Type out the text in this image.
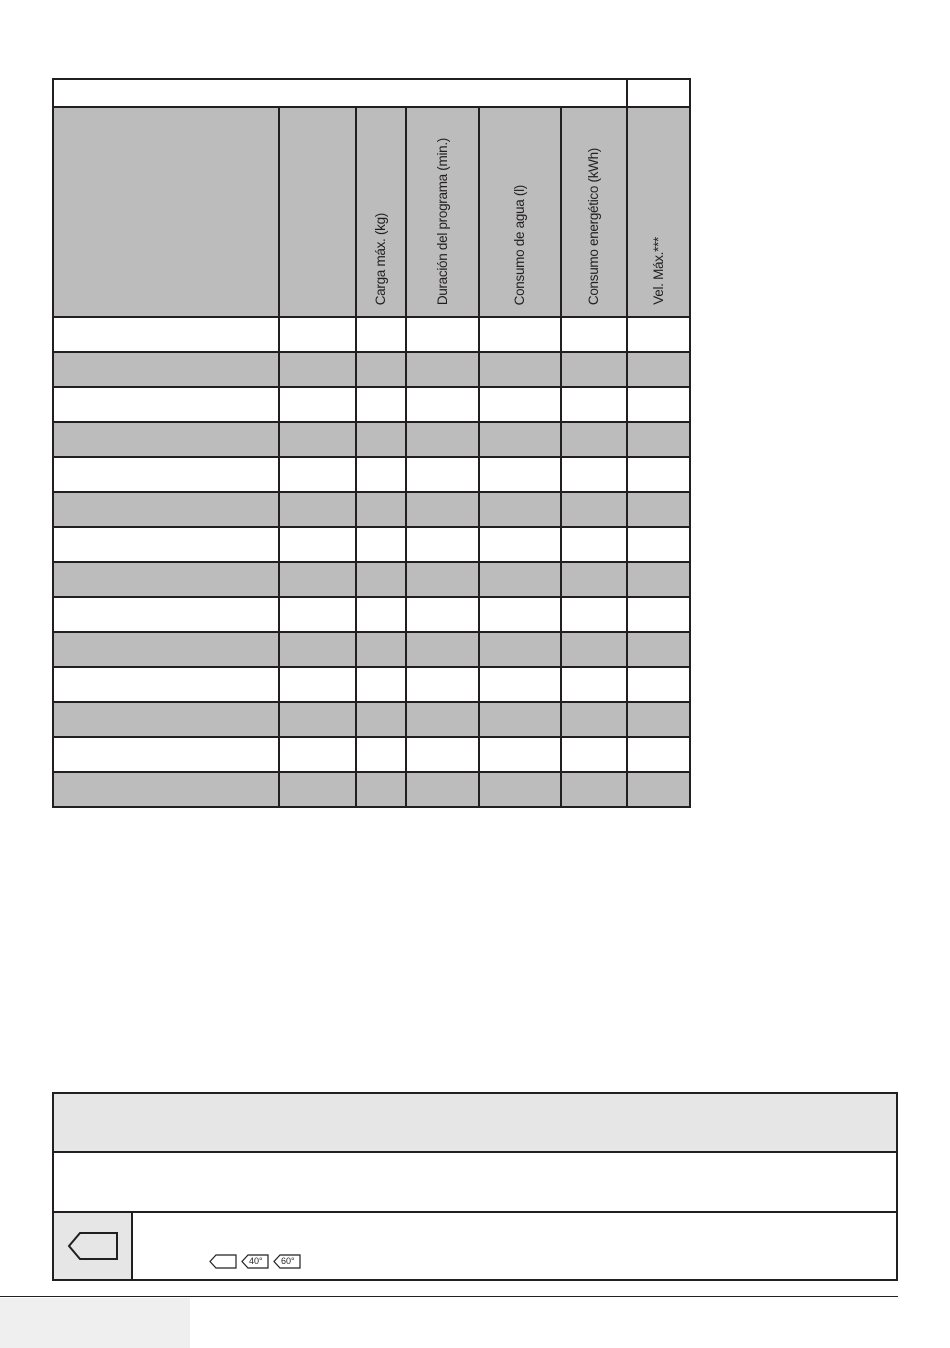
		Carga máx. (kg)	Duración del programa (min.)	Consumo de agua (l)	Consumo energético (kWh)	Vel. Máx.***

40° 60°
